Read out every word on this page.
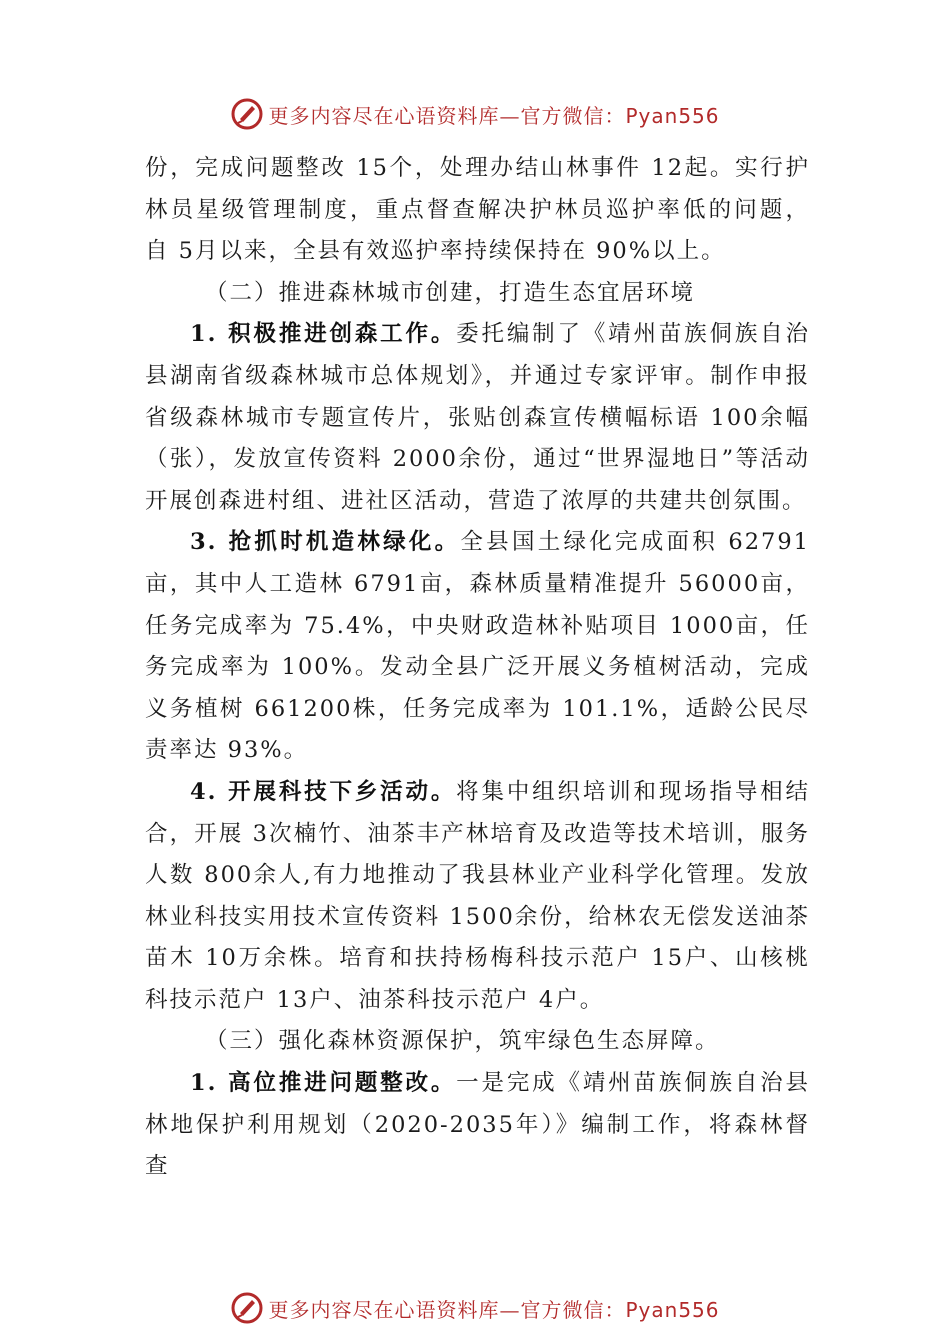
更多内容尽在心语资料库—官方微信：Pyan556

份，完成问题整改 15个，处理办结山林事件 12起。实行护林员星级管理制度，重点督查解决护林员巡护率低的问题， 自 5月以来，全县有效巡护率持续保持在 90%以上。

（二）推进森林城市创建，打造生态宜居环境

1. 积极推进创森工作。委托编制了《靖州苗族侗族自治县湖南省级森林城市总体规划》，并通过专家评审。制作申报省级森林城市专题宣传片，张贴创森宣传横幅标语 100余幅（张），发放宣传资料 2000余份，通过“世界湿地日”等活动开展创森进村组、进社区活动，营造了浓厚的共建共创氛围。

3. 抢抓时机造林绿化。全县国土绿化完成面积 62791亩，其中人工造林 6791亩，森林质量精准提升 56000亩，任务完成率为 75.4%，中央财政造林补贴项目 1000亩，任务完成率为 100%。发动全县广泛开展义务植树活动，完成义务植树 661200株，任务完成率为 101.1%，适龄公民尽责率达 93%。

4. 开展科技下乡活动。将集中组织培训和现场指导相结合，开展 3次楠竹、油茶丰产林培育及改造等技术培训，服务人数 800余人,有力地推动了我县林业产业科学化管理。发放林业科技实用技术宣传资料 1500余份，给林农无偿发送油茶苗木 10万余株。培育和扶持杨梅科技示范户 15户、山核桃科技示范户 13户、油茶科技示范户 4户。

（三）强化森林资源保护，筑牢绿色生态屏障。

1. 高位推进问题整改。一是完成《靖州苗族侗族自治县林地保护利用规划（2020-2035年）》编制工作，将森林督查

更多内容尽在心语资料库—官方微信：Pyan556
